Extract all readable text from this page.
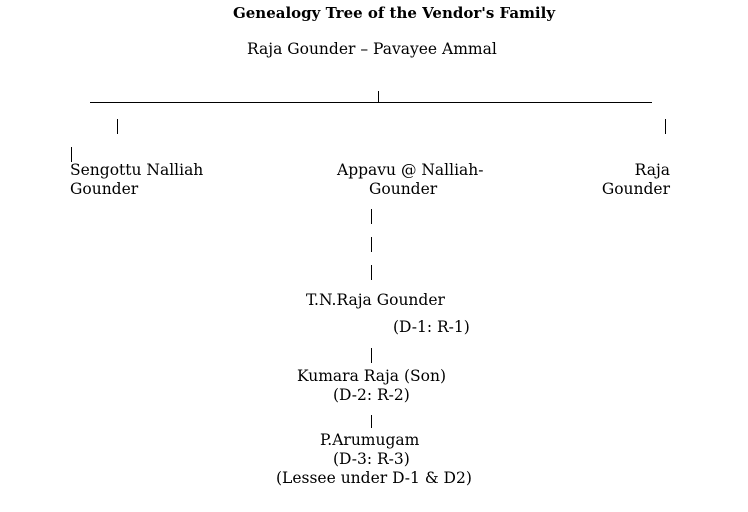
Genealogy Tree of the Vendor's Family
Raja Gounder – Pavayee Ammal
Sengottu Nalliah
Gounder
Appavu @ Nalliah-
Gounder
Raja
Gounder
T.N.Raja Gounder
(D-1: R-1)
Kumara Raja (Son)
(D-2: R-2)
P.Arumugam
(D-3: R-3)
(Lessee under D-1 & D2)
